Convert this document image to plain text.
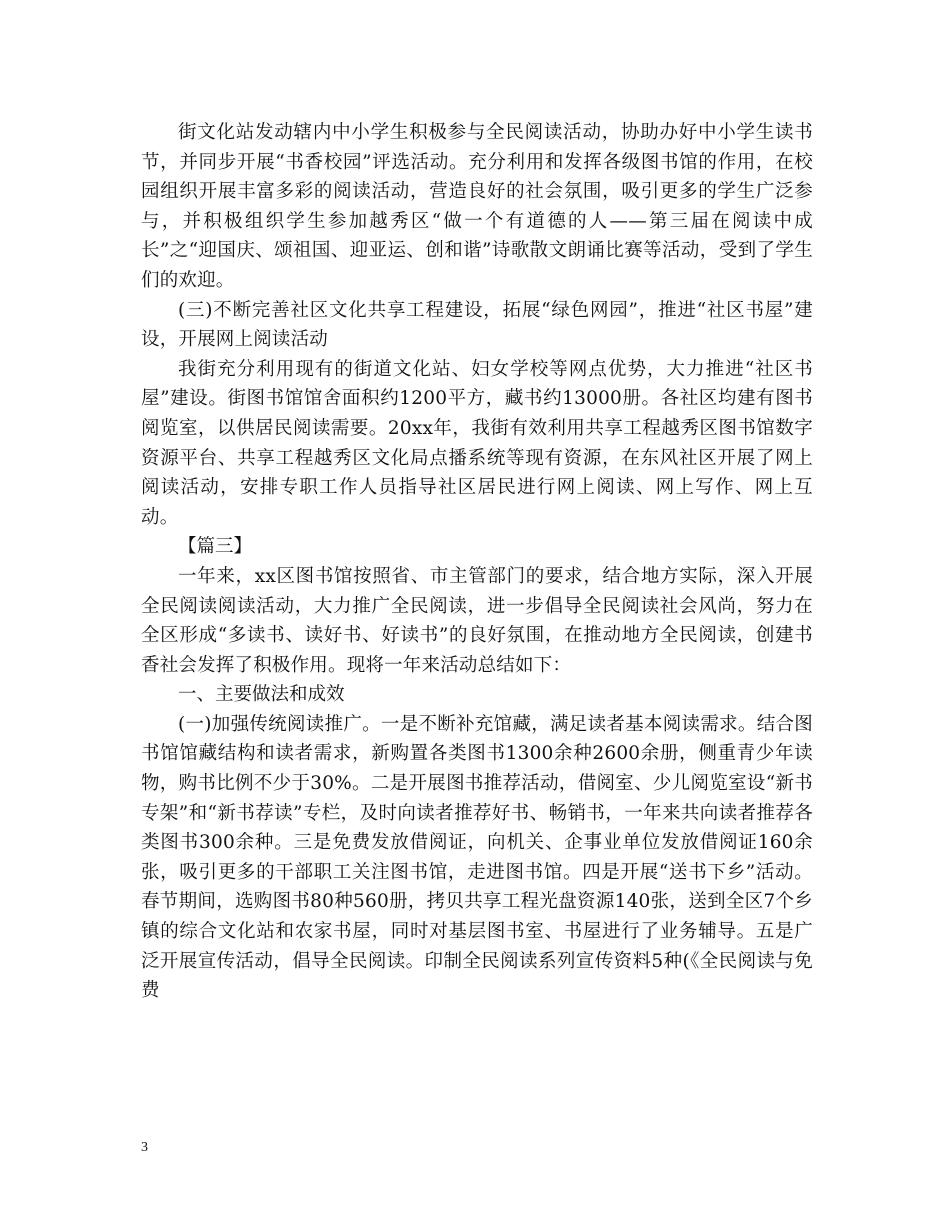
街文化站发动辖内中小学生积极参与全民阅读活动，协助办好中小学生读书节，并同步开展“书香校园”评选活动。充分利用和发挥各级图书馆的作用，在校园组织开展丰富多彩的阅读活动，营造良好的社会氛围，吸引更多的学生广泛参与，并积极组织学生参加越秀区“做一个有道德的人——第三届在阅读中成长”之“迎国庆、颂祖国、迎亚运、创和谐”诗歌散文朗诵比赛等活动，受到了学生们的欢迎。

(三)不断完善社区文化共享工程建设，拓展“绿色网园”，推进“社区书屋”建设，开展网上阅读活动

我街充分利用现有的街道文化站、妇女学校等网点优势，大力推进“社区书屋”建设。街图书馆馆舍面积约1200平方，藏书约13000册。各社区均建有图书阅览室，以供居民阅读需要。20xx年，我街有效利用共享工程越秀区图书馆数字资源平台、共享工程越秀区文化局点播系统等现有资源，在东风社区开展了网上阅读活动，安排专职工作人员指导社区居民进行网上阅读、网上写作、网上互动。

【篇三】

一年来，xx区图书馆按照省、市主管部门的要求，结合地方实际，深入开展全民阅读阅读活动，大力推广全民阅读，进一步倡导全民阅读社会风尚，努力在全区形成“多读书、读好书、好读书”的良好氛围，在推动地方全民阅读，创建书香社会发挥了积极作用。现将一年来活动总结如下：

一、主要做法和成效

(一)加强传统阅读推广。一是不断补充馆藏，满足读者基本阅读需求。结合图书馆馆藏结构和读者需求，新购置各类图书1300余种2600余册，侧重青少年读物，购书比例不少于30%。二是开展图书推荐活动，借阅室、少儿阅览室设“新书专架”和“新书荐读”专栏，及时向读者推荐好书、畅销书，一年来共向读者推荐各类图书300余种。三是免费发放借阅证，向机关、企事业单位发放借阅证160余张，吸引更多的干部职工关注图书馆，走进图书馆。四是开展“送书下乡”活动。春节期间，选购图书80种560册，拷贝共享工程光盘资源140张，送到全区7个乡镇的综合文化站和农家书屋，同时对基层图书室、书屋进行了业务辅导。五是广泛开展宣传活动，倡导全民阅读。印制全民阅读系列宣传资料5种(《全民阅读与免费

3
